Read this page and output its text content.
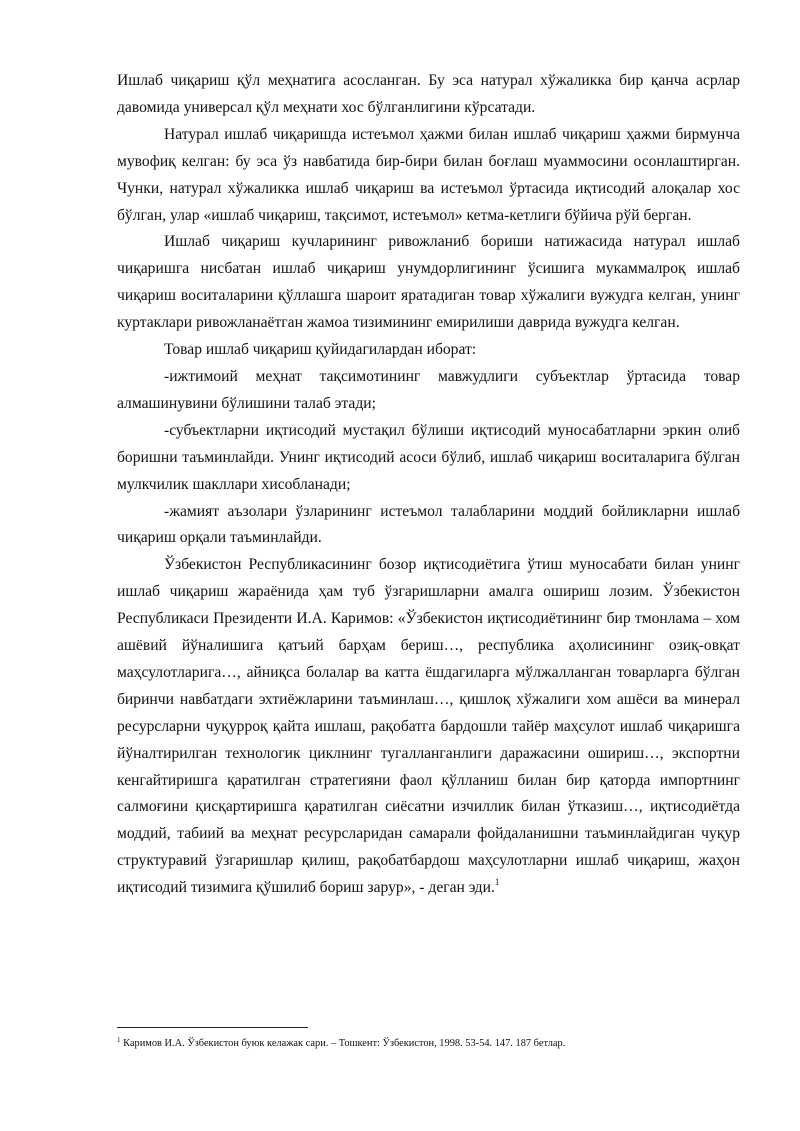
Ишлаб чиқариш қўл меҳнатига асосланган. Бу эса натурал хўжаликка бир қанча асрлар давомида универсал қўл меҳнати хос бўлганлигини кўрсатади.

Натурал ишлаб чиқаришда истеъмол ҳажми билан ишлаб чиқариш ҳажми бирмунча мувофиқ келган: бу эса ўз навбатида бир-бири билан боғлаш муаммосини осонлаштирган. Чунки, натурал хўжаликка ишлаб чиқариш ва истеъмол ўртасида иқтисодий алоқалар хос бўлган, улар «ишлаб чиқариш, тақсимот, истеъмол» кетма-кетлиги бўйича рўй берган.

Ишлаб чиқариш кучларининг ривожланиб бориши натижасида натурал ишлаб чиқаришга нисбатан ишлаб чиқариш унумдорлигининг ўсишига мукаммалроқ ишлаб чиқариш воситаларини қўллашга шароит яратадиган товар хўжалиги вужудга келган, унинг куртаклари ривожланаётган жамоа тизимининг емирилиши даврида вужудга келган.

Товар ишлаб чиқариш қуйидагилардан иборат:

-ижтимоий меҳнат тақсимотининг мавжудлиги субъектлар ўртасида товар алмашинувини бўлишини талаб этади;

-субъектларни иқтисодий мустақил бўлиши иқтисодий муносабатларни эркин олиб боришни таъминлайди. Унинг иқтисодий асоси бўлиб, ишлаб чиқариш воситаларига бўлган мулкчилик шакллари хисобланади;

-жамият аъзолари ўзларининг истеъмол талабларини моддий бойликларни ишлаб чиқариш орқали таъминлайди.

Ўзбекистон Республикасининг бозор иқтисодиётига ўтиш муносабати билан унинг ишлаб чиқариш жараёнида ҳам туб ўзгаришларни амалга ошириш лозим. Ўзбекистон Республикаси Президенти И.А. Каримов: «Ўзбекистон иқтисодиётининг бир тмонлама – хом ашёвий йўналишига қатъий барҳам бериш…, республика аҳолисининг озиқ-овқат маҳсулотларига…, айниқса болалар ва катта ёшдагиларга мўлжалланган товарларга бўлган биринчи навбатдаги эхтиёжларини таъминлаш…, қишлоқ хўжалиги хом ашёси ва минерал ресурсларни чуқурроқ қайта ишлаш, рақобатга бардошли тайёр маҳсулот ишлаб чиқаришга йўналтирилган технологик циклнинг тугалланганлиги даражасини ошириш…, экспортни кенгайтиришга қаратилган стратегияни фаол қўлланиш билан бир қаторда импортнинг салмоғини қисқартиришга қаратилган сиёсатни изчиллик билан ўтказиш…, иқтисодиётда моддий, табиий ва меҳнат ресурсларидан самарали фойдаланишни таъминлайдиган чуқур структуравий ўзгаришлар қилиш, рақобатбардош маҳсулотларни ишлаб чиқариш, жаҳон иқтисодий тизимига қўшилиб бориш зарур», - деган эди.$^1$

$^1$ Каримов И.А. Ўзбекистон буюк келажак сари. – Тошкент: Ўзбекистон, 1998. 53-54. 147. 187 бетлар.
